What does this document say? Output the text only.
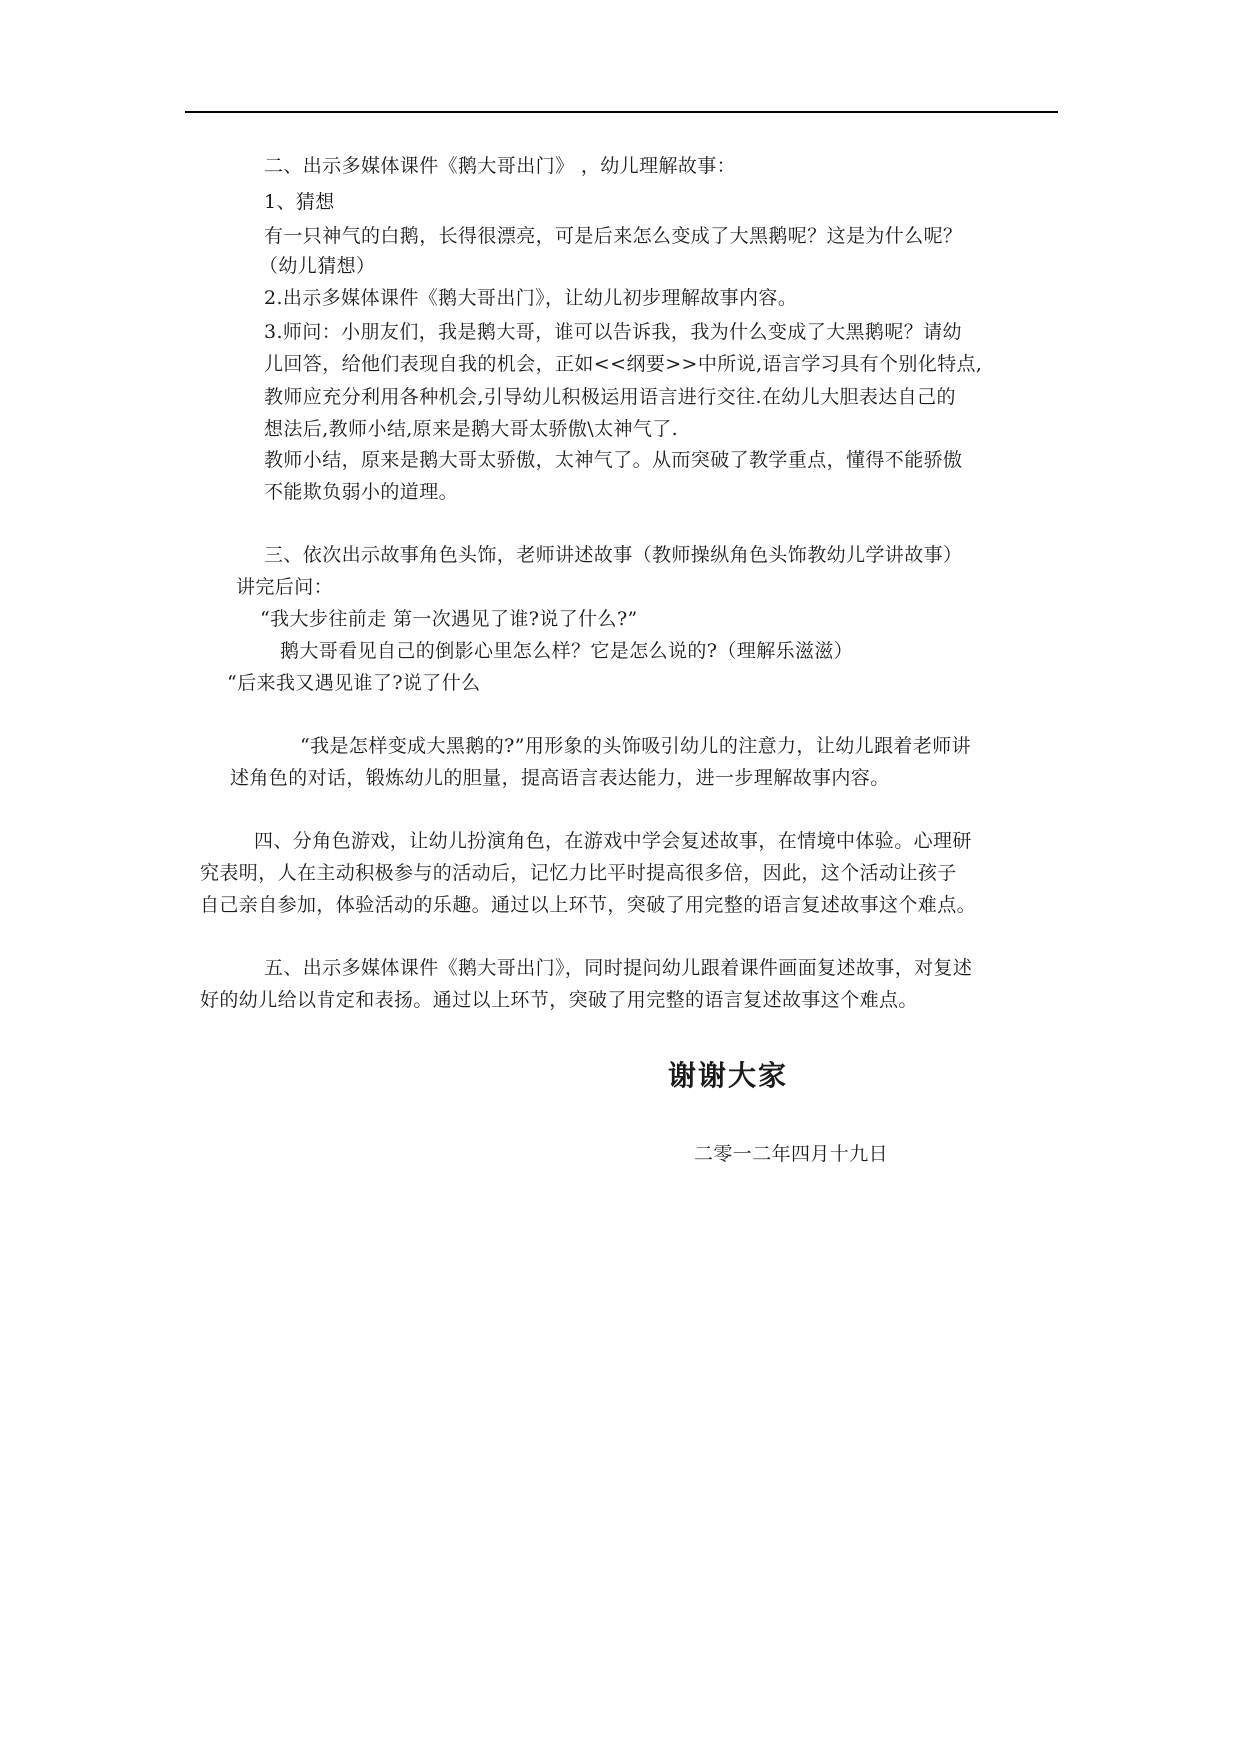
二、出示多媒体课件《鹅大哥出门》 ，幼儿理解故事：
1、猜想
有一只神气的白鹅，长得很漂亮，可是后来怎么变成了大黑鹅呢？这是为什么呢？
（幼儿猜想）
2.出示多媒体课件《鹅大哥出门》，让幼儿初步理解故事内容。
3.师问：小朋友们，我是鹅大哥，谁可以告诉我，我为什么变成了大黑鹅呢？请幼
儿回答，给他们表现自我的机会，正如<<纲要>>中所说,语言学习具有个别化特点,
教师应充分利用各种机会,引导幼儿积极运用语言进行交往.在幼儿大胆表达自己的
想法后,教师小结,原来是鹅大哥太骄傲\太神气了.
教师小结，原来是鹅大哥太骄傲，太神气了。从而突破了教学重点，懂得不能骄傲
不能欺负弱小的道理。
三、依次出示故事角色头饰，老师讲述故事（教师操纵角色头饰教幼儿学讲故事）
讲完后问：
“我大步往前走 第一次遇见了谁?说了什么?”
鹅大哥看见自己的倒影心里怎么样？它是怎么说的?（理解乐滋滋）
“后来我又遇见谁了?说了什么
“我是怎样变成大黑鹅的?”用形象的头饰吸引幼儿的注意力，让幼儿跟着老师讲
述角色的对话，锻炼幼儿的胆量，提高语言表达能力，进一步理解故事内容。
四、分角色游戏，让幼儿扮演角色，在游戏中学会复述故事，在情境中体验。心理研
究表明，人在主动积极参与的活动后，记忆力比平时提高很多倍，因此，这个活动让孩子
自己亲自参加，体验活动的乐趣。通过以上环节，突破了用完整的语言复述故事这个难点。
五、出示多媒体课件《鹅大哥出门》，同时提问幼儿跟着课件画面复述故事，对复述
好的幼儿给以肯定和表扬。通过以上环节，突破了用完整的语言复述故事这个难点。
谢谢大家
二零一二年四月十九日
